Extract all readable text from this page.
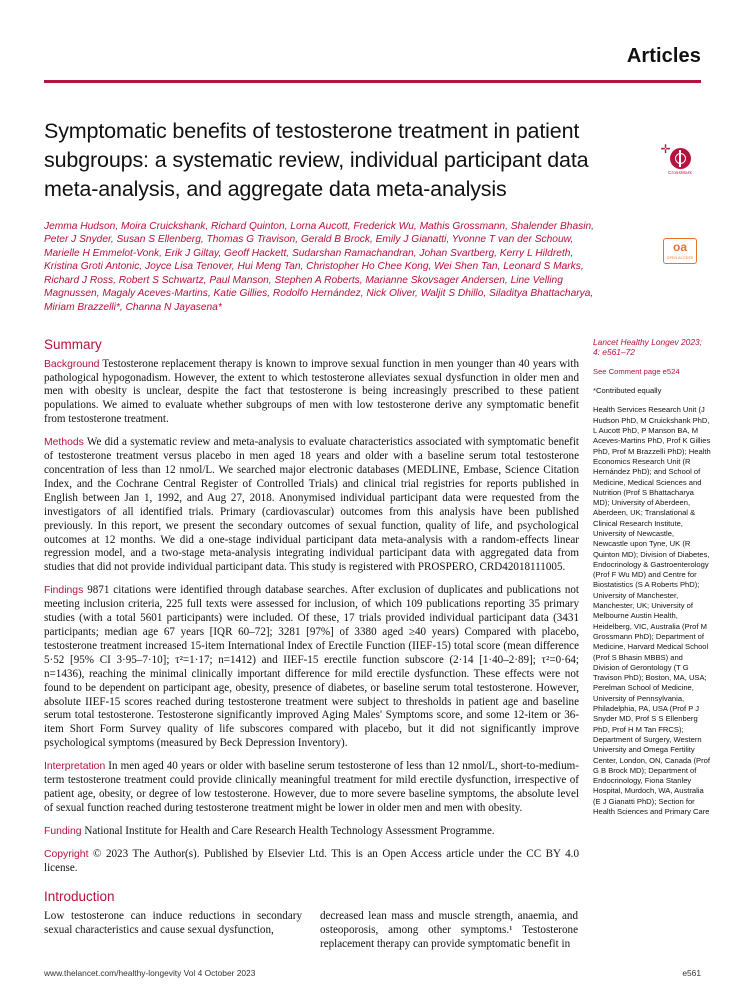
Articles
✛
CrossMark
oa
OPEN ACCESS
Symptomatic benefits of testosterone treatment in patient subgroups: a systematic review, individual participant data meta-analysis, and aggregate data meta-analysis
Jemma Hudson, Moira Cruickshank, Richard Quinton, Lorna Aucott, Frederick Wu, Mathis Grossmann, Shalender Bhasin, Peter J Snyder, Susan S Ellenberg, Thomas G Travison, Gerald B Brock, Emily J Gianatti, Yvonne T van der Schouw, Marielle H Emmelot-Vonk, Erik J Giltay, Geoff Hackett, Sudarshan Ramachandran, Johan Svartberg, Kerry L Hildreth, Kristina Groti Antonic, Joyce Lisa Tenover, Hui Meng Tan, Christopher Ho Chee Kong, Wei Shen Tan, Leonard S Marks, Richard J Ross, Robert S Schwartz, Paul Manson, Stephen A Roberts, Marianne Skovsager Andersen, Line Velling Magnussen, Magaly Aceves-Martins, Katie Gillies, Rodolfo Hernández, Nick Oliver, Waljit S Dhillo, Siladitya Bhattacharya, Miriam Brazzelli*, Channa N Jayasena*
Summary

Background Testosterone replacement therapy is known to improve sexual function in men younger than 40 years with pathological hypogonadism. However, the extent to which testosterone alleviates sexual dysfunction in older men and men with obesity is unclear, despite the fact that testosterone is being increasingly prescribed to these patient populations. We aimed to evaluate whether subgroups of men with low testosterone derive any symptomatic benefit from testosterone treatment.

Methods We did a systematic review and meta-analysis to evaluate characteristics associated with symptomatic benefit of testosterone treatment versus placebo in men aged 18 years and older with a baseline serum total testosterone concentration of less than 12 nmol/L. We searched major electronic databases (MEDLINE, Embase, Science Citation Index, and the Cochrane Central Register of Controlled Trials) and clinical trial registries for reports published in English between Jan 1, 1992, and Aug 27, 2018. Anonymised individual participant data were requested from the investigators of all identified trials. Primary (cardiovascular) outcomes from this analysis have been published previously. In this report, we present the secondary outcomes of sexual function, quality of life, and psychological outcomes at 12 months. We did a one-stage individual participant data meta-analysis with a random-effects linear regression model, and a two-stage meta-analysis integrating individual participant data with aggregated data from studies that did not provide individual participant data. This study is registered with PROSPERO, CRD42018111005.

Findings 9871 citations were identified through database searches. After exclusion of duplicates and publications not meeting inclusion criteria, 225 full texts were assessed for inclusion, of which 109 publications reporting 35 primary studies (with a total 5601 participants) were included. Of these, 17 trials provided individual participant data (3431 participants; median age 67 years [IQR 60–72]; 3281 [97%] of 3380 aged ≥40 years) Compared with placebo, testosterone treatment increased 15-item International Index of Erectile Function (IIEF-15) total score (mean difference 5·52 [95% CI 3·95–7·10]; τ²=1·17; n=1412) and IIEF-15 erectile function subscore (2·14 [1·40–2·89]; τ²=0·64; n=1436), reaching the minimal clinically important difference for mild erectile dysfunction. These effects were not found to be dependent on participant age, obesity, presence of diabetes, or baseline serum total testosterone. However, absolute IIEF-15 scores reached during testosterone treatment were subject to thresholds in patient age and baseline serum total testosterone. Testosterone significantly improved Aging Males' Symptoms score, and some 12-item or 36-item Short Form Survey quality of life subscores compared with placebo, but it did not significantly improve psychological symptoms (measured by Beck Depression Inventory).

Interpretation In men aged 40 years or older with baseline serum testosterone of less than 12 nmol/L, short-to-medium-term testosterone treatment could provide clinically meaningful treatment for mild erectile dysfunction, irrespective of patient age, obesity, or degree of low testosterone. However, due to more severe baseline symptoms, the absolute level of sexual function reached during testosterone treatment might be lower in older men and men with obesity.

Funding National Institute for Health and Care Research Health Technology Assessment Programme.

Copyright © 2023 The Author(s). Published by Elsevier Ltd. This is an Open Access article under the CC BY 4.0 license.

Introduction

Low testosterone can induce reductions in secondary sexual characteristics and cause sexual dysfunction,

decreased lean mass and muscle strength, anaemia, and osteoporosis, among other symptoms.¹ Testosterone replacement therapy can provide symptomatic benefit in

Lancet Healthy Longev 2023; 4: e561–72
See Comment page e524
*Contributed equally
Health Services Research Unit (J Hudson PhD, M Cruickshank PhD, L Aucott PhD, P Manson BA, M Aceves-Martins PhD, Prof K Gillies PhD, Prof M Brazzelli PhD); Health Economics Research Unit (R Hernández PhD); and School of Medicine, Medical Sciences and Nutrition (Prof S Bhattacharya MD); University of Aberdeen, Aberdeen, UK; Translational & Clinical Research Institute, University of Newcastle, Newcastle upon Tyne, UK (R Quinton MD); Division of Diabetes, Endocrinology & Gastroenterology (Prof F Wu MD) and Centre for Biostatistics (S A Roberts PhD); University of Manchester, Manchester, UK; University of Melbourne Austin Health, Heidelberg, VIC, Australia (Prof M Grossmann PhD); Department of Medicine, Harvard Medical School (Prof S Bhasin MBBS) and Division of Gerontology (T G Travison PhD); Boston, MA, USA; Perelman School of Medicine, University of Pennsylvania, Philadelphia, PA, USA (Prof P J Snyder MD, Prof S S Ellenberg PhD, Prof H M Tan FRCS); Department of Surgery, Western University and Omega Fertility Center, London, ON, Canada (Prof G B Brock MD); Department of Endocrinology, Fiona Stanley Hospital, Murdoch, WA, Australia (E J Gianatti PhD); Section for Health Sciences and Primary Care
www.thelancet.com/healthy-longevity Vol 4 October 2023	e561
